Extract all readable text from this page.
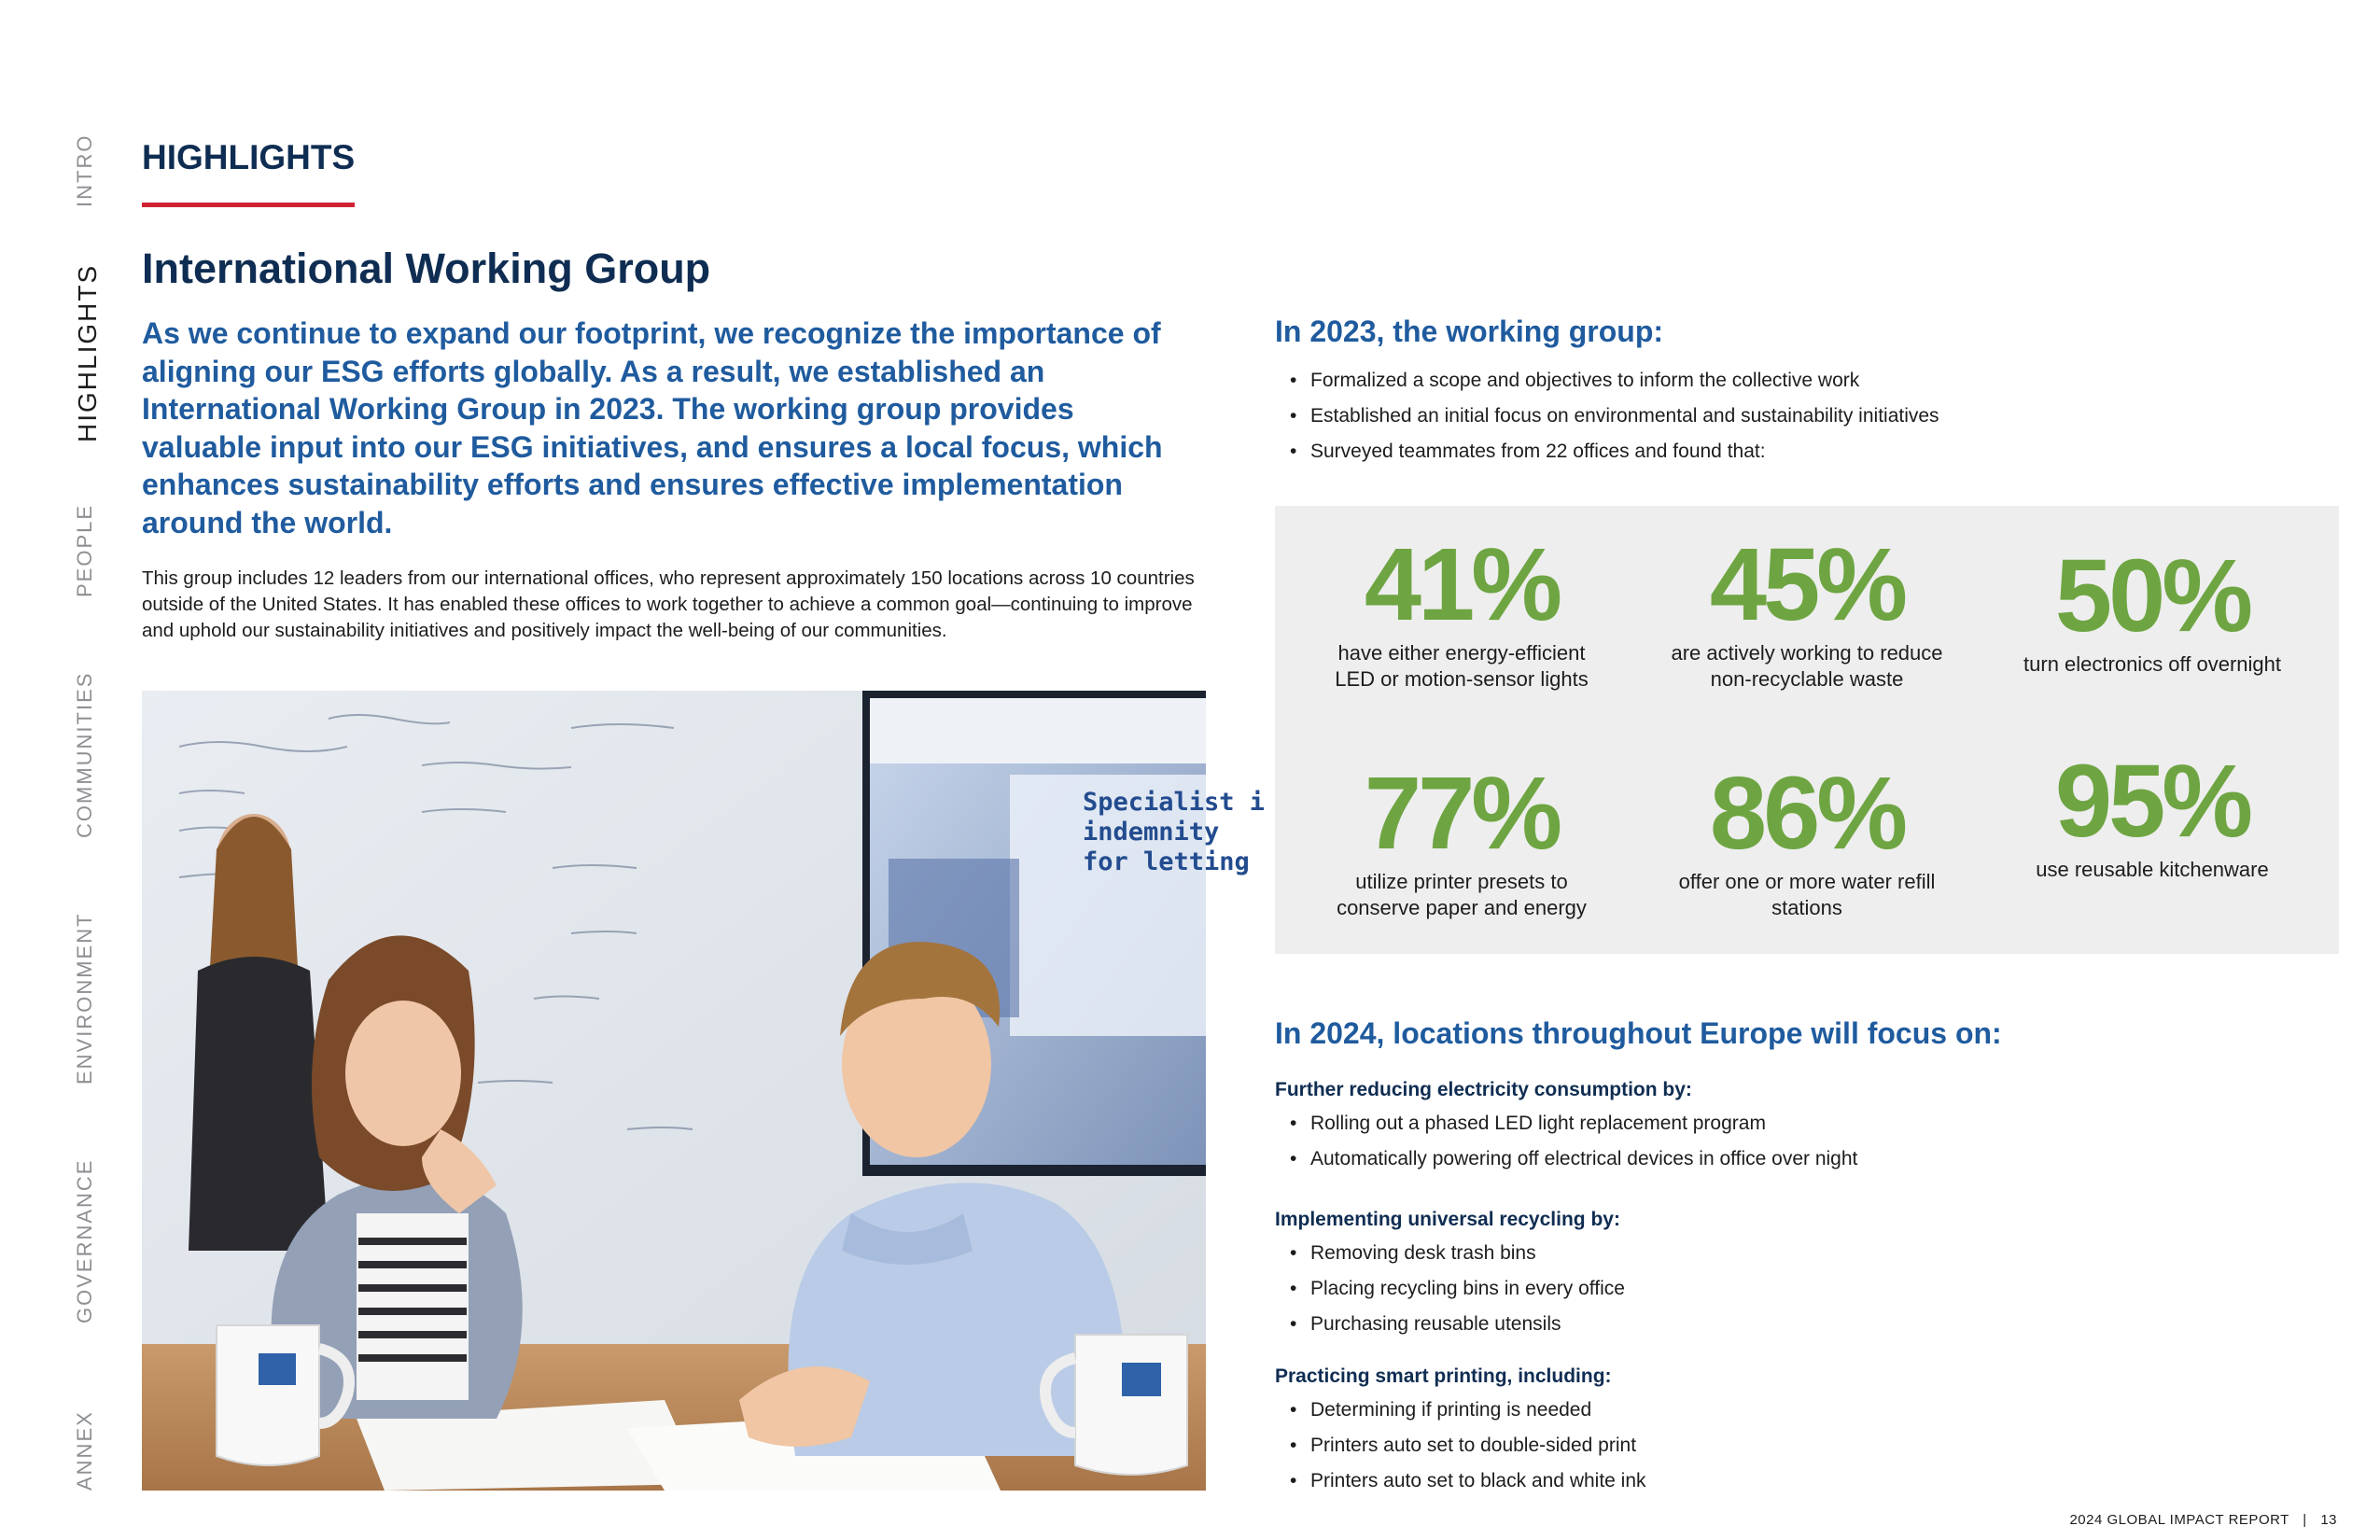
INTRO
HIGHLIGHTS
PEOPLE
COMMUNITIES
ENVIRONMENT
GOVERNANCE
ANNEX
HIGHLIGHTS
International Working Group

As we continue to expand our footprint, we recognize the importance of aligning our ESG efforts globally. As a result, we established an International Working Group in 2023. The working group provides valuable input into our ESG initiatives, and ensures a local focus, which enhances sustainability efforts and ensures effective implementation around the world.

This group includes 12 leaders from our international offices, who represent approximately 150 locations across 10 countries outside of the United States. It has enabled these offices to work together to achieve a common goal—continuing to improve and uphold our sustainability initiatives and positively impact the well-being of our communities.

Specialist i
indemnity
for letting
In 2023, the working group:
• Formalized a scope and objectives to inform the collective work
• Established an initial focus on environmental and sustainability initiatives
• Surveyed teammates from 22 offices and found that:
41%
have either energy-efficient LED or motion-sensor lights
45%
are actively working to reduce non-recyclable waste
50%
turn electronics off overnight
77%
utilize printer presets to conserve paper and energy
86%
offer one or more water refill stations
95%
use reusable kitchenware
In 2024, locations throughout Europe will focus on:
Further reducing electricity consumption by:
• Rolling out a phased LED light replacement program
• Automatically powering off electrical devices in office over night
Implementing universal recycling by:
• Removing desk trash bins
• Placing recycling bins in every office
• Purchasing reusable utensils
Practicing smart printing, including:
• Determining if printing is needed
• Printers auto set to double-sided print
• Printers auto set to black and white ink
2024 GLOBAL IMPACT REPORT | 13
